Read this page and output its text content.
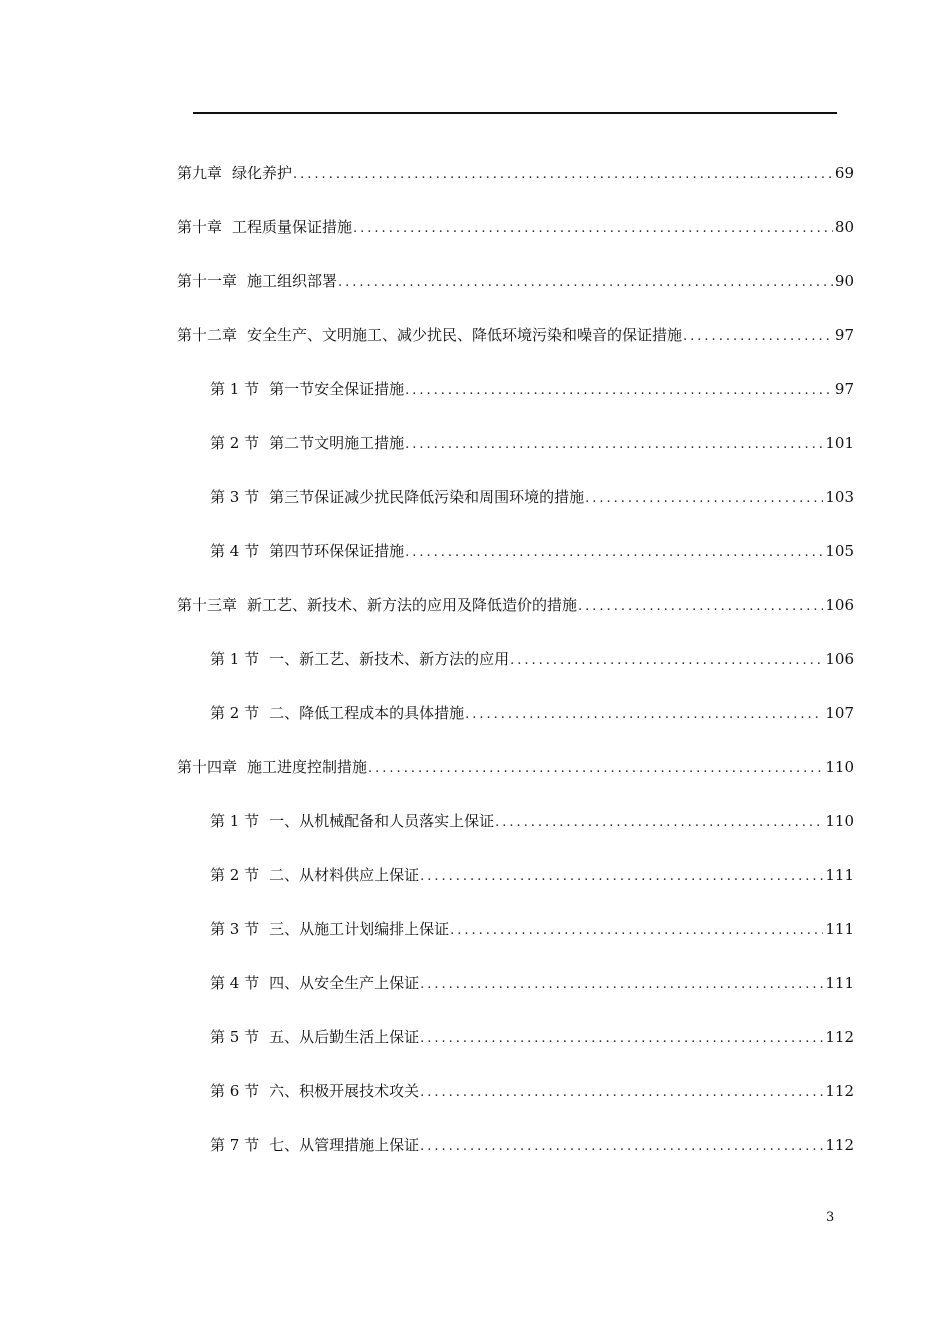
第九章 绿化养护 .....	69
第十章 工程质量保证措施 .....	80
第十一章 施工组织部署 .....	90
第十二章 安全生产、文明施工、减少扰民、降低环境污染和噪音的保证措施 .....	97
第 1 节 第一节安全保证措施 .....	97
第 2 节 第二节文明施工措施 .....	101
第 3 节 第三节保证减少扰民降低污染和周围环境的措施 .....	103
第 4 节 第四节环保保证措施 .....	105
第十三章 新工艺、新技术、新方法的应用及降低造价的措施 .....	106
第 1 节 一、新工艺、新技术、新方法的应用 .....	106
第 2 节 二、降低工程成本的具体措施 .....	107
第十四章 施工进度控制措施 .....	110
第 1 节 一、从机械配备和人员落实上保证 .....	110
第 2 节 二、从材料供应上保证 .....	111
第 3 节 三、从施工计划编排上保证 .....	111
第 4 节 四、从安全生产上保证 .....	111
第 5 节 五、从后勤生活上保证 .....	112
第 6 节 六、积极开展技术攻关 .....	112
第 7 节 七、从管理措施上保证 .....	112
3
